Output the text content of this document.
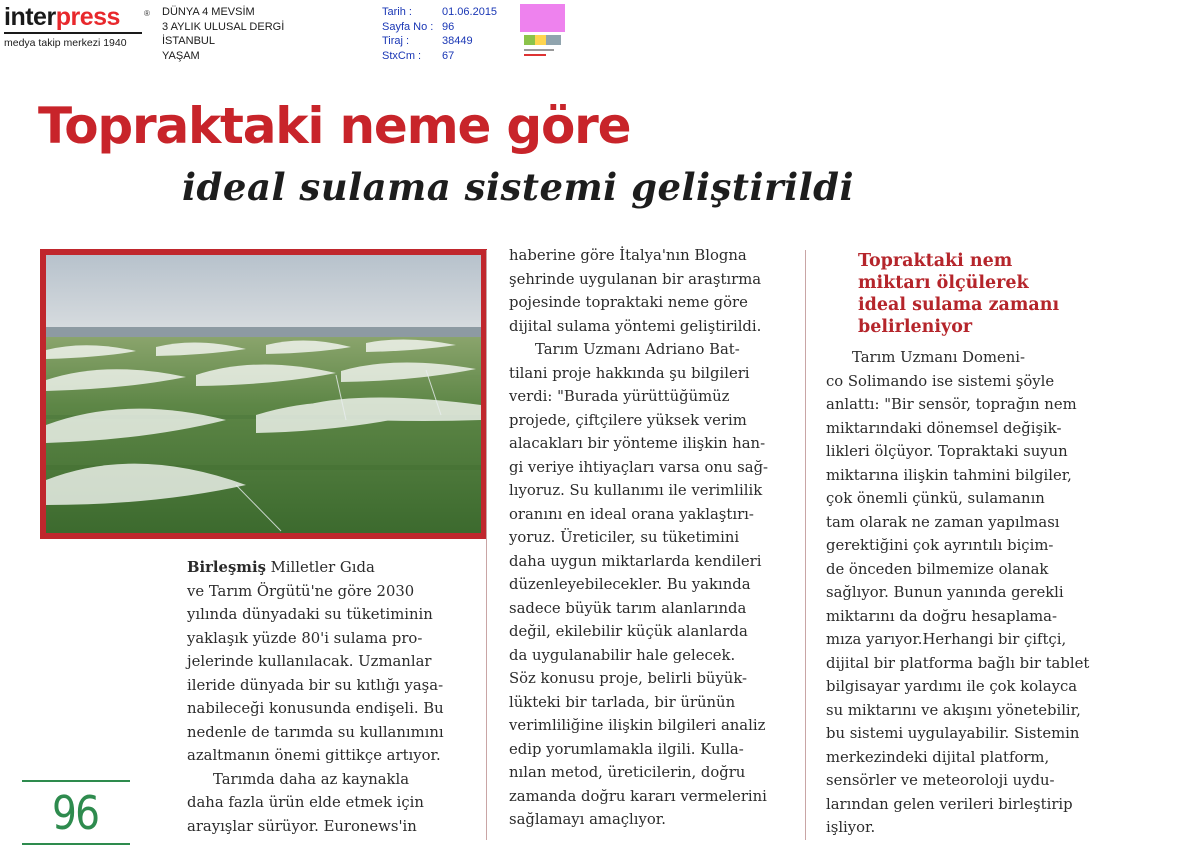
interpress	®
medya takip merkezi 1940
DÜNYA 4 MEVSİM
3 AYLIK ULUSAL DERGİ
İSTANBUL
YAŞAM
Tarih :	01.06.2015
Sayfa No : 96
Tiraj :	38449
StxCm :	67
Topraktaki neme göre
ideal sulama sistemi geliştirildi

Birleşmiş Milletler Gıda

ve Tarım Örgütü'ne göre 2030

yılında dünyadaki su tüketiminin

yaklaşık yüzde 80'i sulama pro-

jelerinde kullanılacak. Uzmanlar

ileride dünyada bir su kıtlığı yaşa-

nabileceği konusunda endişeli. Bu

nedenle de tarımda su kullanımını

azaltmanın önemi gittikçe artıyor.

Tarımda daha az kaynakla

daha fazla ürün elde etmek için

arayışlar sürüyor. Euronews'in

haberine göre İtalya'nın Blogna

şehrinde uygulanan bir araştırma

pojesinde topraktaki neme göre

dijital sulama yöntemi geliştirildi.

Tarım Uzmanı Adriano Bat-

tilani proje hakkında şu bilgileri

verdi: "Burada yürüttüğümüz

projede, çiftçilere yüksek verim

alacakları bir yönteme ilişkin han-

gi veriye ihtiyaçları varsa onu sağ-

lıyoruz. Su kullanımı ile verimlilik

oranını en ideal orana yaklaştırı-

yoruz. Üreticiler, su tüketimini

daha uygun miktarlarda kendileri

düzenleyebilecekler. Bu yakında

sadece büyük tarım alanlarında

değil, ekilebilir küçük alanlarda

da uygulanabilir hale gelecek.

Söz konusu proje, belirli büyük-

lükteki bir tarlada, bir ürünün

verimliliğine ilişkin bilgileri analiz

edip yorumlamakla ilgili. Kulla-

nılan metod, üreticilerin, doğru

zamanda doğru kararı vermelerini

sağlamayı amaçlıyor.

Topraktaki nem

miktarı ölçülerek

ideal sulama zamanı

belirleniyor

Tarım Uzmanı Domeni-

co Solimando ise sistemi şöyle

anlattı: "Bir sensör, toprağın nem

miktarındaki dönemsel değişik-

likleri ölçüyor. Topraktaki suyun

miktarına ilişkin tahmini bilgiler,

çok önemli çünkü, sulamanın

tam olarak ne zaman yapılması

gerektiğini çok ayrıntılı biçim-

de önceden bilmemize olanak

sağlıyor. Bunun yanında gerekli

miktarını da doğru hesaplama-

mıza yarıyor.Herhangi bir çiftçi,

dijital bir platforma bağlı bir tablet

bilgisayar yardımı ile çok kolayca

su miktarını ve akışını yönetebilir,

bu sistemi uygulayabilir. Sistemin

merkezindeki dijital platform,

sensörler ve meteoroloji uydu-

larından gelen verileri birleştirip

işliyor.

96
